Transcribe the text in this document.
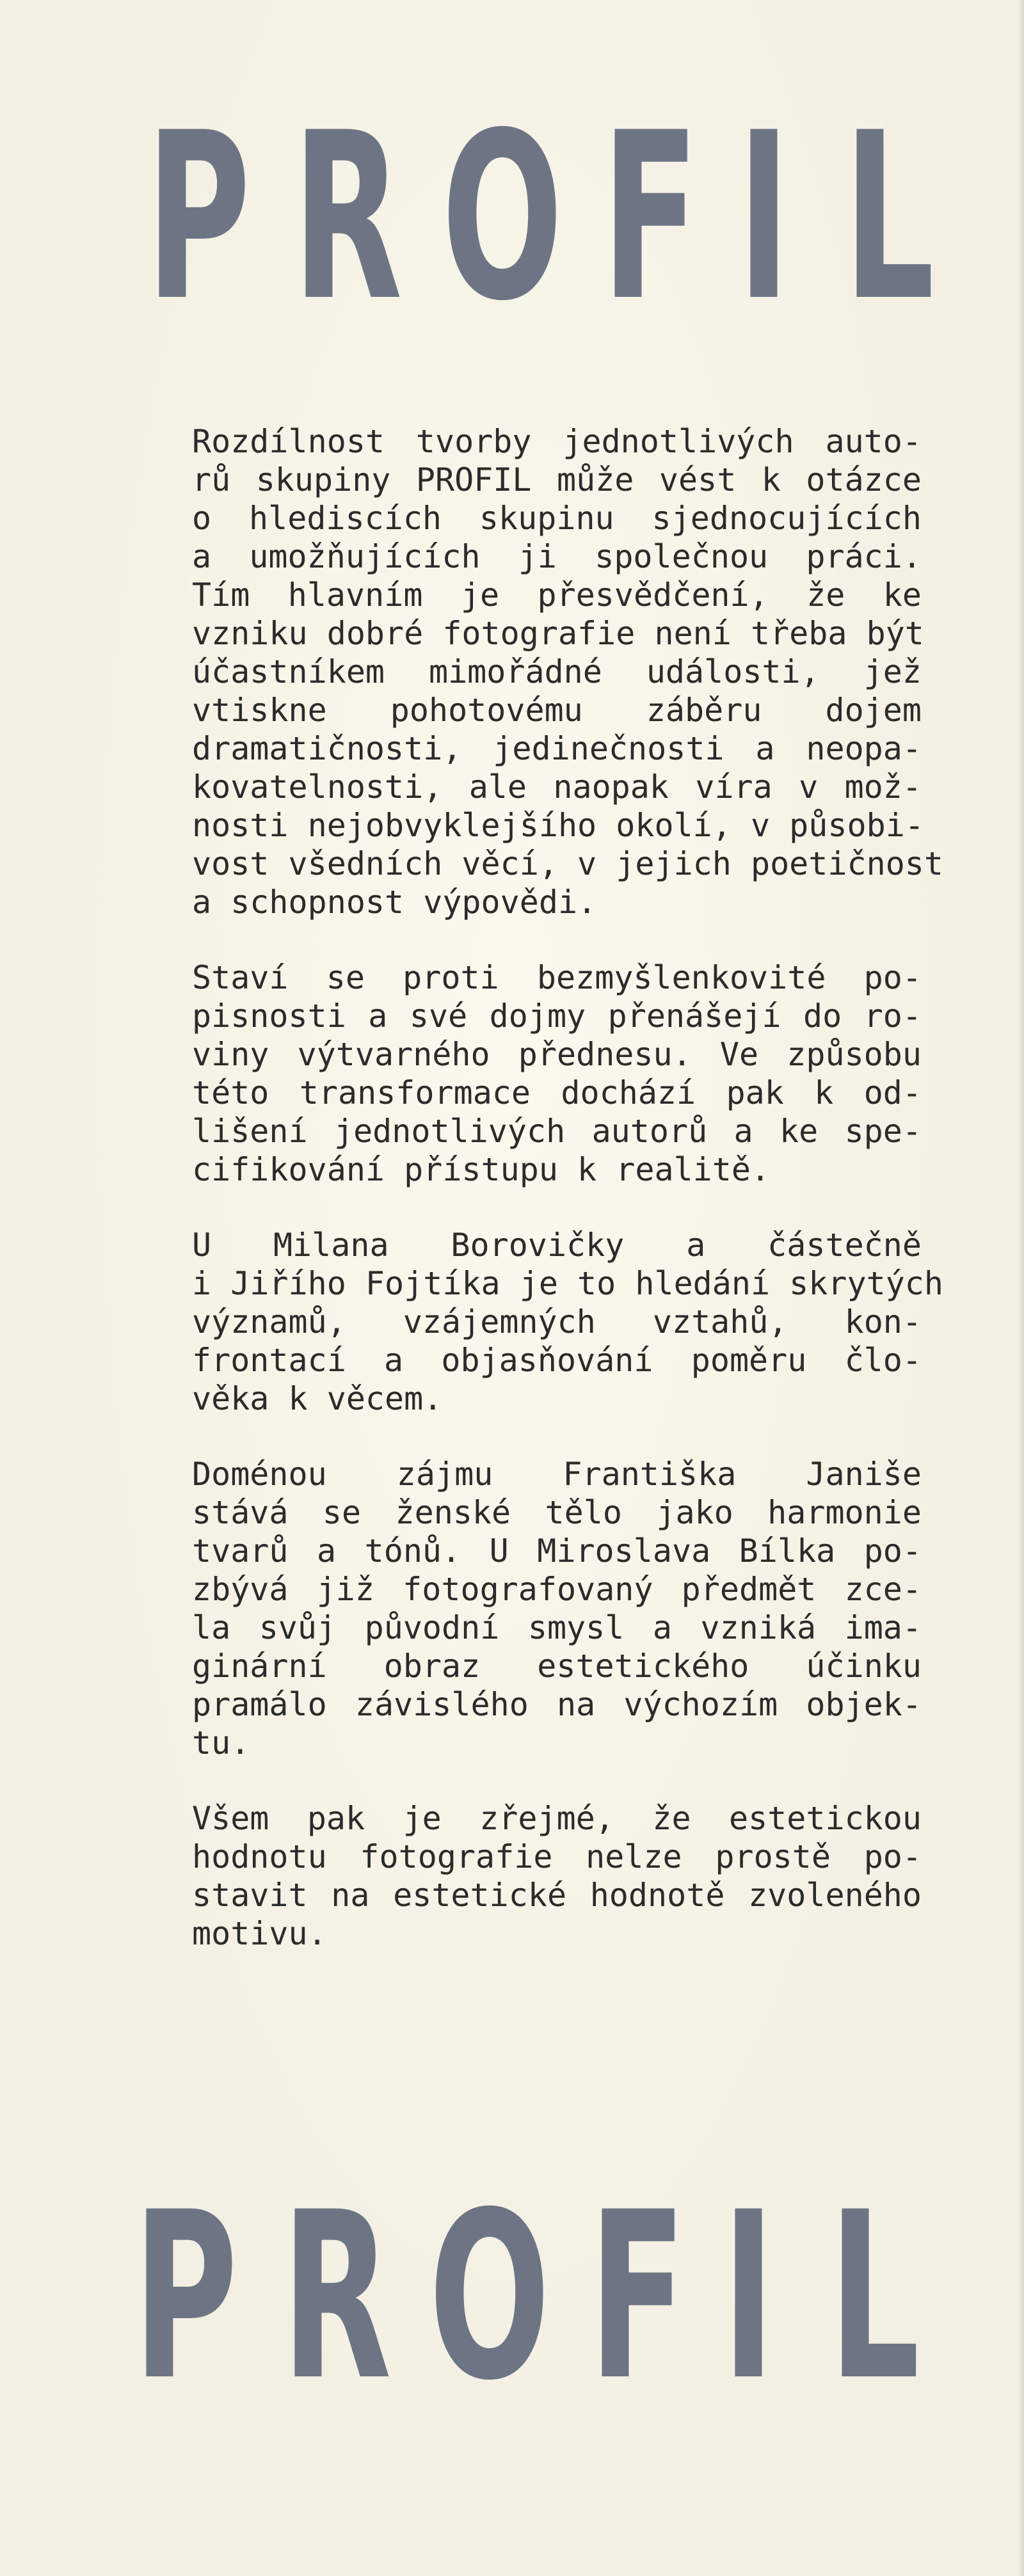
P R O F I L
Rozdílnost tvorby jednotlivých auto-
rů skupiny PROFIL může vést k otázce
o hlediscích skupinu sjednocujících
a umožňujících ji společnou práci.
Tím hlavním je přesvědčení, že ke
vzniku dobré fotografie není třeba být
účastníkem mimořádné události, jež
vtiskne pohotovému záběru dojem
dramatičnosti, jedinečnosti a neopa-
kovatelnosti, ale naopak víra v mož-
nosti nejobvyklejšího okolí, v působi-
vost všedních věcí, v jejich poetičnost
a schopnost výpovědi.
Staví se proti bezmyšlenkovité po-
pisnosti a své dojmy přenášejí do ro-
viny výtvarného přednesu. Ve způsobu
této transformace dochází pak k od-
lišení jednotlivých autorů a ke spe-
cifikování přístupu k realitě.
U Milana Borovičky a částečně
i Jiřího Fojtíka je to hledání skrytých
významů, vzájemných vztahů, kon-
frontací a objasňování poměru člo-
věka k věcem.
Doménou zájmu Františka Janiše
stává se ženské tělo jako harmonie
tvarů a tónů. U Miroslava Bílka po-
zbývá již fotografovaný předmět zce-
la svůj původní smysl a vzniká ima-
ginární obraz estetického účinku
pramálo závislého na výchozím objek-
tu.
Všem pak je zřejmé, že estetickou
hodnotu fotografie nelze prostě po-
stavit na estetické hodnotě zvoleného
motivu.
P R O F I L
